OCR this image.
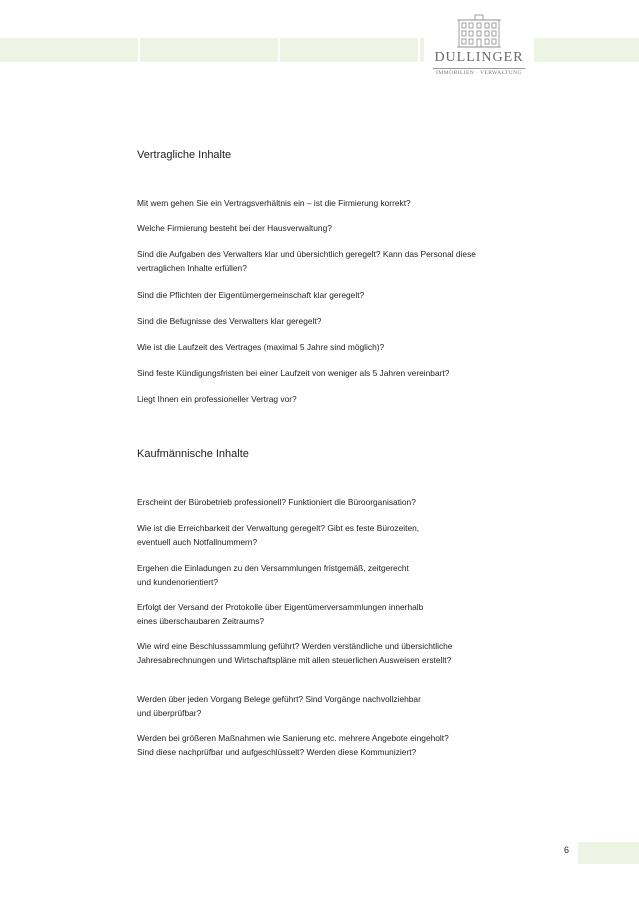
DULLINGER
IMMOBILIEN · VERWALTUNG
Vertragliche Inhalte
Mit wem gehen Sie ein Vertragsverhältnis ein – ist die Firmierung korrekt?
Welche Firmierung besteht bei der Hausverwaltung?
Sind die Aufgaben des Verwalters klar und übersichtlich geregelt? Kann das Personal diese
vertraglichen Inhalte erfüllen?
Sind die Pflichten der Eigentümergemeinschaft klar geregelt?
Sind die Befugnisse des Verwalters klar geregelt?
Wie ist die Laufzeit des Vertrages (maximal 5 Jahre sind möglich)?
Sind feste Kündigungsfristen bei einer Laufzeit von weniger als 5 Jahren vereinbart?
Liegt Ihnen ein professioneller Vertrag vor?
Kaufmännische Inhalte
Erscheint der Bürobetrieb professionell? Funktioniert die Büroorganisation?
Wie ist die Erreichbarkeit der Verwaltung geregelt? Gibt es feste Bürozeiten,
eventuell auch Notfallnummern?
Ergehen die Einladungen zu den Versammlungen fristgemäß, zeitgerecht
und kundenorientiert?
Erfolgt der Versand der Protokolle über Eigentümerversammlungen innerhalb
eines überschaubaren Zeitraums?
Wie wird eine Beschlusssammlung geführt? Werden verständliche und übersichtliche
Jahresabrechnungen und Wirtschaftspläne mit allen steuerlichen Ausweisen erstellt?
Werden über jeden Vorgang Belege geführt? Sind Vorgänge nachvollziehbar
und überprüfbar?
Werden bei größeren Maßnahmen wie Sanierung etc. mehrere Angebote eingeholt?
Sind diese nachprüfbar und aufgeschlüsselt? Werden diese Kommuniziert?
6
